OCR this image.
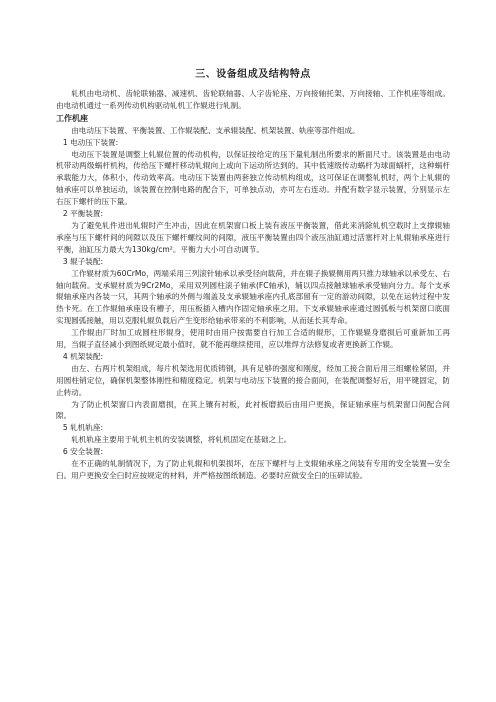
三、设备组成及结构特点

轧机由电动机、齿轮联轴器、减速机、齿轮联轴器、人字齿轮座、万向接轴托架、万向接轴、工作机座等组成。由电动机通过一系列传动机构驱动轧机工作辊进行轧制。

工作机座

由电动压下装置、平衡装置、工作辊装配、支承辊装配、机架装置、轨座等部件组成。

1 电动压下装置:

电动压下装置是调整上轧辊位置的传动机构，以保证按给定的压下量轧制出所要求的断面尺寸。该装置是由电动机带动两级蜗杆机构，传给压下螺杆移动轧辊向上或向下运动所达到的。其中低速级传动蜗杆为球面蜗杆，这种蜗杆承载能力大，体积小，传动效率高。电动压下装置由两套独立传动机构组成，这可保证在调整轧机时，两个上轧辊的轴承座可以单独运动，该装置在控制电路的配合下，可单独点动，亦可左右连动。并配有数字显示装置，分别显示左右压下螺杆的压下量。

2 平衡装置:

为了避免轧件进出轧辊时产生冲击，因此在机架窗口板上装有液压平衡装置，借此来消除轧机空载时上支撑辊轴承座与压下螺杆间的间隙以及压下螺杆螺纹间的间隙，液压平衡装置由四个液压油缸通过活塞杆对上轧辊轴承座进行平衡，油缸压力最大为130kg/cm²。平衡力大小可自动调节。

3 辊子装配:

工作辊材质为60CrMo，两端采用三列滚针轴承以承受径向载荷，并在辊子换辊侧用两只推力球轴承以承受左、右轴向载荷。支承辊材质为9Cr2Mo，采用双列圆柱滚子轴承(FC轴承)，辅以四点接触球轴承承受轴向分力。每个支承辊轴承座内各装一只，其两个轴承的外侧与端盖及支承辊轴承座内孔底部留有一定的游动间隙，以免在运转过程中发热卡死。在工作辊轴承座设有槽子，用压板插入槽内作固定轴承座之用。下支承辊轴承座通过圆弧板与机架窗口底面实现圆弧接触，用以克服轧辊负载后产生变形给轴承带来的不利影响，从而延长其寿命。

工作辊由厂时加工成圆柱形辊身，使用时由用户按需要自行加工合适的辊形，工作辊辊身磨损后可重新加工再用，当辊子直径减小到图纸规定最小值时，就不能再继续使用，应以堆焊方法修复或者更换新工作辊。

4 机架装配:

由左、右两片机架组成，每片机架选用优质铸钢，具有足够的强度和刚度，经加工接合面后用三组螺栓紧固，并用圆柱销定位，确保机架整体刚性和精度稳定。机架与电动压下装置的接合面间，在装配调整好后，用平键固定，防止转动。

为了防止机架窗口内表面磨损，在其上镶有衬板，此衬板磨损后由用户更换，保证轴承座与机架窗口间配合间隙。

5 轧机轨座:

轧机轨座主要用于轧机主机的安装调整，将轧机固定在基础之上。

6 安全装置:

在不正确的轧制情况下，为了防止轧辊和机架损坏，在压下螺杆与上支辊轴承座之间装有专用的安全装置—安全臼。用户更换安全臼时应按规定的材料，并严格按图纸制造。必要时应做安全臼的压碎试验。
